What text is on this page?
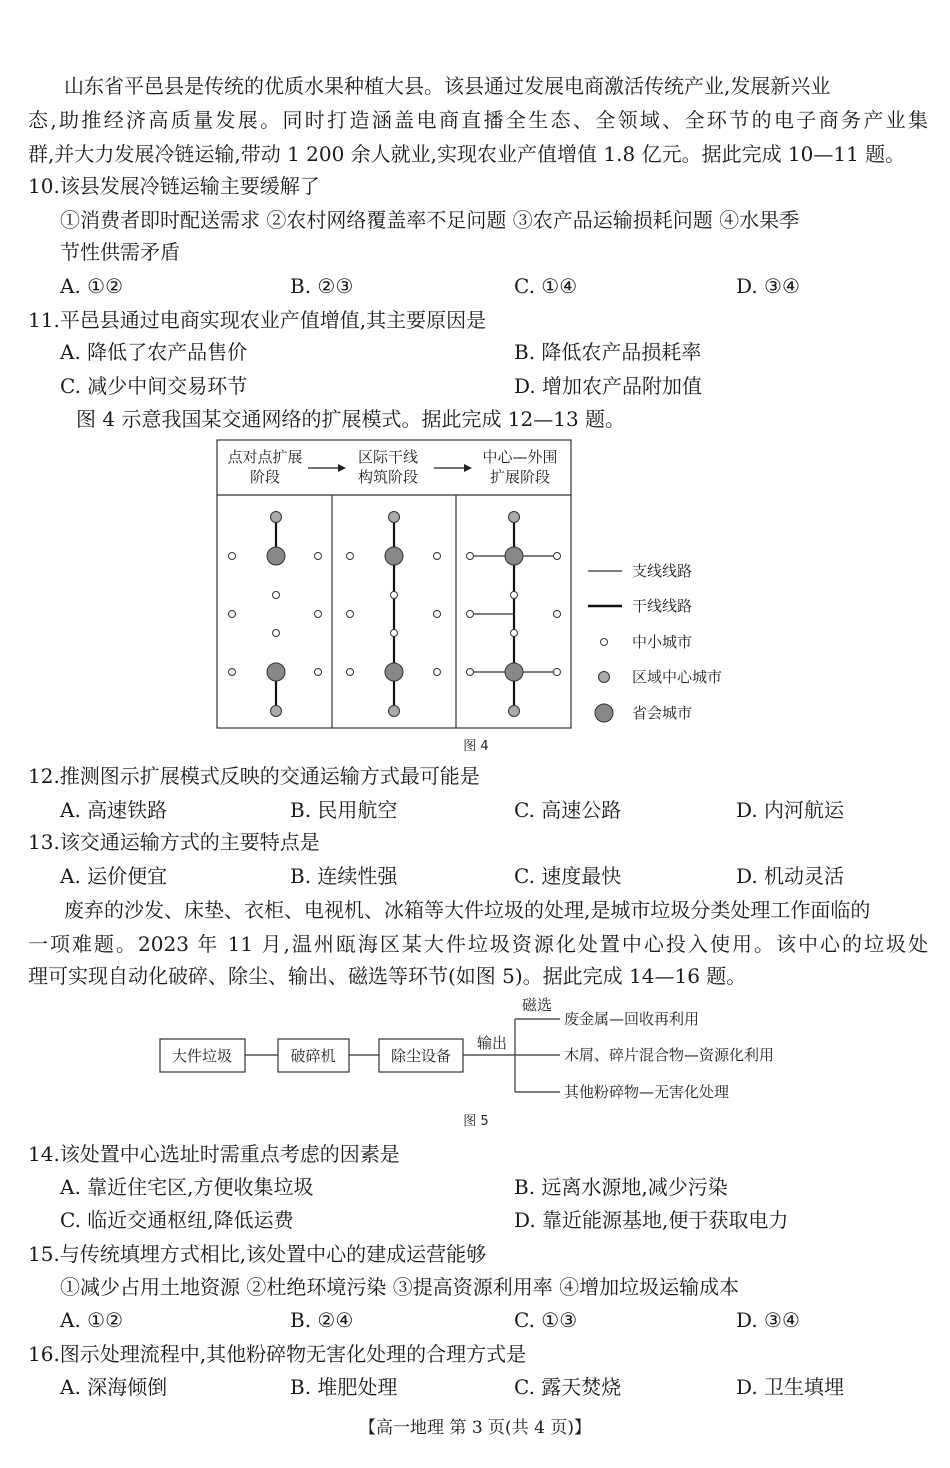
山东省平邑县是传统的优质水果种植大县。该县通过发展电商激活传统产业,发展新兴业
态,助推经济高质量发展。同时打造涵盖电商直播全生态、全领域、全环节的电子商务产业集
群,并大力发展冷链运输,带动 1 200 余人就业,实现农业产值增值 1.8 亿元。据此完成 10—11 题。
10.该县发展冷链运输主要缓解了
①消费者即时配送需求 ②农村网络覆盖率不足问题 ③农产品运输损耗问题 ④水果季
节性供需矛盾
A. ①②	B. ②③	C. ①④	D. ③④
11.平邑县通过电商实现农业产值增值,其主要原因是
A. 降低了农产品售价	B. 降低农产品损耗率
C. 减少中间交易环节	D. 增加农产品附加值
图 4 示意我国某交通网络的扩展模式。据此完成 12—13 题。
点对点扩展
阶段
区际干线
构筑阶段
中心—外围
扩展阶段
支线线路
干线线路
中小城市
区域中心城市
省会城市
图 4
12.推测图示扩展模式反映的交通运输方式最可能是
A. 高速铁路	B. 民用航空	C. 高速公路	D. 内河航运
13.该交通运输方式的主要特点是
A. 运价便宜	B. 连续性强	C. 速度最快	D. 机动灵活
废弃的沙发、床垫、衣柜、电视机、冰箱等大件垃圾的处理,是城市垃圾分类处理工作面临的
一项难题。2023 年 11 月,温州瓯海区某大件垃圾资源化处置中心投入使用。该中心的垃圾处
理可实现自动化破碎、除尘、输出、磁选等环节(如图 5)。据此完成 14—16 题。
大件垃圾	破碎机	除尘设备
输出
磁选
废金属—回收再利用
木屑、碎片混合物—资源化利用
其他粉碎物—无害化处理
图 5
14.该处置中心选址时需重点考虑的因素是
A. 靠近住宅区,方便收集垃圾	B. 远离水源地,减少污染
C. 临近交通枢纽,降低运费	D. 靠近能源基地,便于获取电力
15.与传统填埋方式相比,该处置中心的建成运营能够
①减少占用土地资源 ②杜绝环境污染 ③提高资源利用率 ④增加垃圾运输成本
A. ①②	B. ②④	C. ①③	D. ③④
16.图示处理流程中,其他粉碎物无害化处理的合理方式是
A. 深海倾倒	B. 堆肥处理	C. 露天焚烧	D. 卫生填埋
【高一地理 第 3 页(共 4 页)】
